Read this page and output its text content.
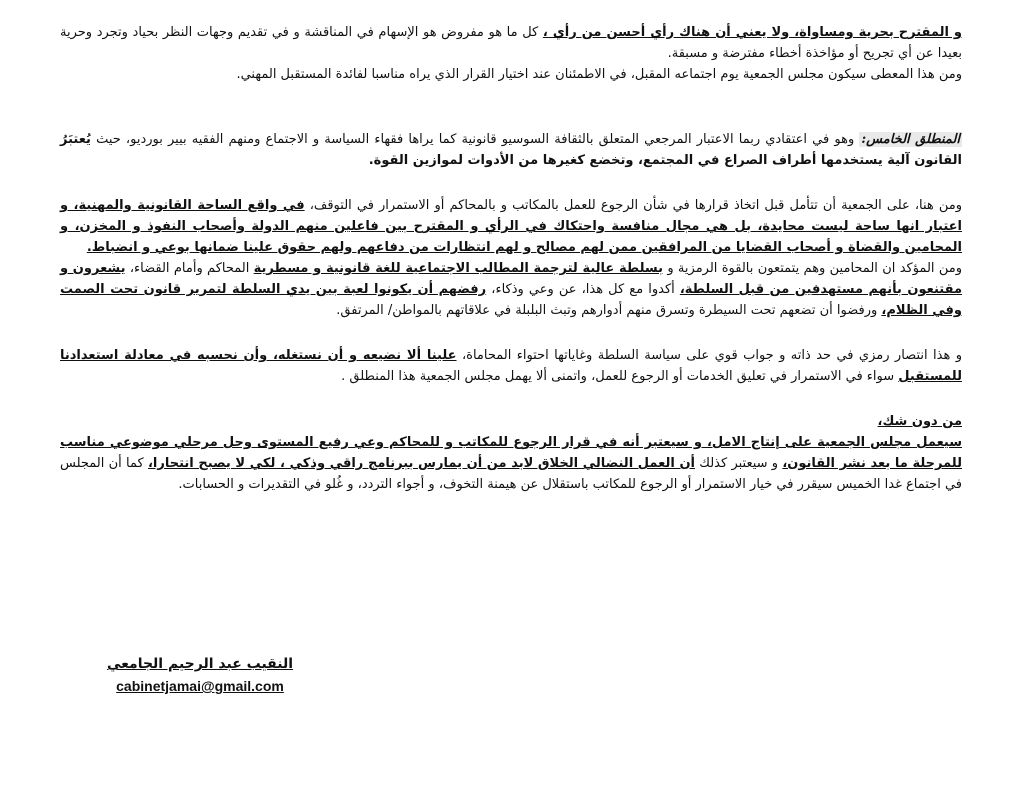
و المقترح بحرية ومساواة، ولا يعني أن هناك رأي أحسن من رأي ، كل ما هو مفروض هو الإسهام في المناقشة و في تقديم وجهات النظر بحياد وتجرد وحرية بعيدا عن أي تجريح أو مؤاخذة أخطاء مفترضة و مسبقة.

ومن هذا المعطى سيكون مجلس الجمعية يوم اجتماعه المقبل، في الاطمئنان عند اختيار القرار الذي يراه مناسبا لفائدة المستقبل المهني.

المنطلق الخامس: وهو في اعتقادي ربما الاعتبار المرجعي المتعلق بالثقافة السوسيو قانونية كما يراها فقهاء السياسة و الاجتماع ومنهم الفقيه بيير بورديو، حيث يُعتبَرُ القانون آلية يستخدمها أطراف الصراع في المجتمع، وتخضع كغيرها من الأدوات لموازين القوة.

ومن هنا، على الجمعية أن تتأمل قبل اتخاذ قرارها في شأن الرجوع للعمل بالمكاتب و بالمحاكم أو الاستمرار في التوقف، في واقع الساحة القانونية والمهنية، و اعتبار انها ساحة ليست محايدة، بل هي مجال منافسة واحتكاك في الرأي و المقترح بين فاعلين منهم الدولة وأصحاب النفوذ و المخزن، و المحامين والقضاة و أصحاب القضايا من المرافقين ممن لهم مصالح و لهم انتظارات من دفاعهم ولهم حقوق علينا ضمانها بوعي و انضباط.

ومن المؤكد ان المحامين وهم يتمتعون بالقوة الرمزية و بسلطة عالية لترجمة المطالب الاجتماعية للغة قانونية و مسطرية المحاكم وأمام القضاء، يشعرون و مقتنعون بأنهم مستهدفين من قبل السلطة، أكدوا مع كل هذا، عن وعي وذكاء، رفضهم أن يكونوا لعبة بين يدي السلطة لتمرير قانون تحت الصمت وفي الظلام، ورفضوا أن تضعهم تحت السيطرة وتسرق منهم أدوارهم وتبث البلبلة في علاقاتهم بالمواطن/ المرتفق.

و هذا انتصار رمزي في حد ذاته و جواب قوي على سياسة السلطة وغاياتها احتواء المحاماة، علينا ألا نضيعه و أن نستغله، وأن نحسبه في معادلة استعدادنا للمستقبل سواء في الاستمرار في تعليق الخدمات أو الرجوع للعمل، واتمنى ألا يهمل مجلس الجمعية هذا المنطلق .

من دون شك،
سيعمل مجلس الجمعية على إنتاج الامل، و سيعتبر أنه في قرار الرجوع للمكاتب و للمحاكم وعي رفيع المستوى وحل مرحلي موضوعي مناسب للمرحلة ما بعد نشر القانون، و سيعتبر كذلك أن العمل النضالي الخلاق لابد من أن يمارس ببرنامج راقي وذكي ، لكي لا يصبح انتحارا، كما أن المجلس في اجتماع غدا الخميس سيقرر في خيار الاستمرار أو الرجوع للمكاتب باستقلال عن هيمنة التخوف، و أجواء التردد، و غُلو في التقديرات و الحسابات.

النقيب عبد الرحيم الجامعي
cabinetjamai@gmail.com
